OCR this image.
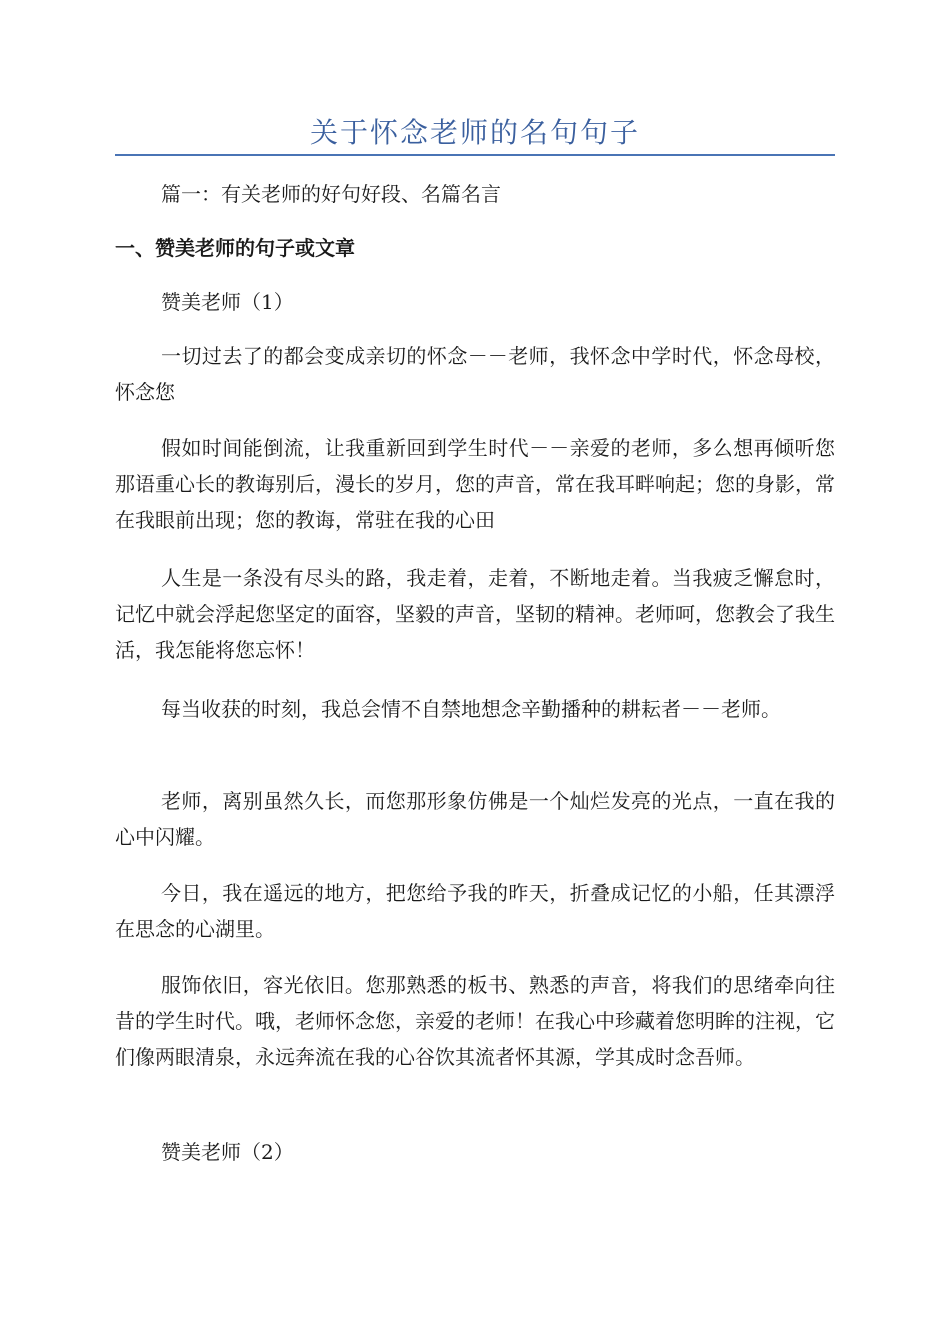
关于怀念老师的名句句子

篇一：有关老师的好句好段、名篇名言

一、赞美老师的句子或文章

赞美老师（1）

一切过去了的都会变成亲切的怀念－－老师，我怀念中学时代，怀念母校，怀念您

假如时间能倒流，让我重新回到学生时代－－亲爱的老师，多么想再倾听您那语重心长的教诲别后，漫长的岁月，您的声音，常在我耳畔响起；您的身影，常在我眼前出现；您的教诲，常驻在我的心田

人生是一条没有尽头的路，我走着，走着，不断地走着。当我疲乏懈怠时，记忆中就会浮起您坚定的面容，坚毅的声音，坚韧的精神。老师呵，您教会了我生活，我怎能将您忘怀！

每当收获的时刻，我总会情不自禁地想念辛勤播种的耕耘者－－老师。

老师，离别虽然久长，而您那形象仿佛是一个灿烂发亮的光点，一直在我的心中闪耀。

今日，我在遥远的地方，把您给予我的昨天，折叠成记忆的小船，任其漂浮在思念的心湖里。

服饰依旧，容光依旧。您那熟悉的板书、熟悉的声音，将我们的思绪牵向往昔的学生时代。哦，老师怀念您，亲爱的老师！在我心中珍藏着您明眸的注视，它们像两眼清泉，永远奔流在我的心谷饮其流者怀其源，学其成时念吾师。

赞美老师（2）
